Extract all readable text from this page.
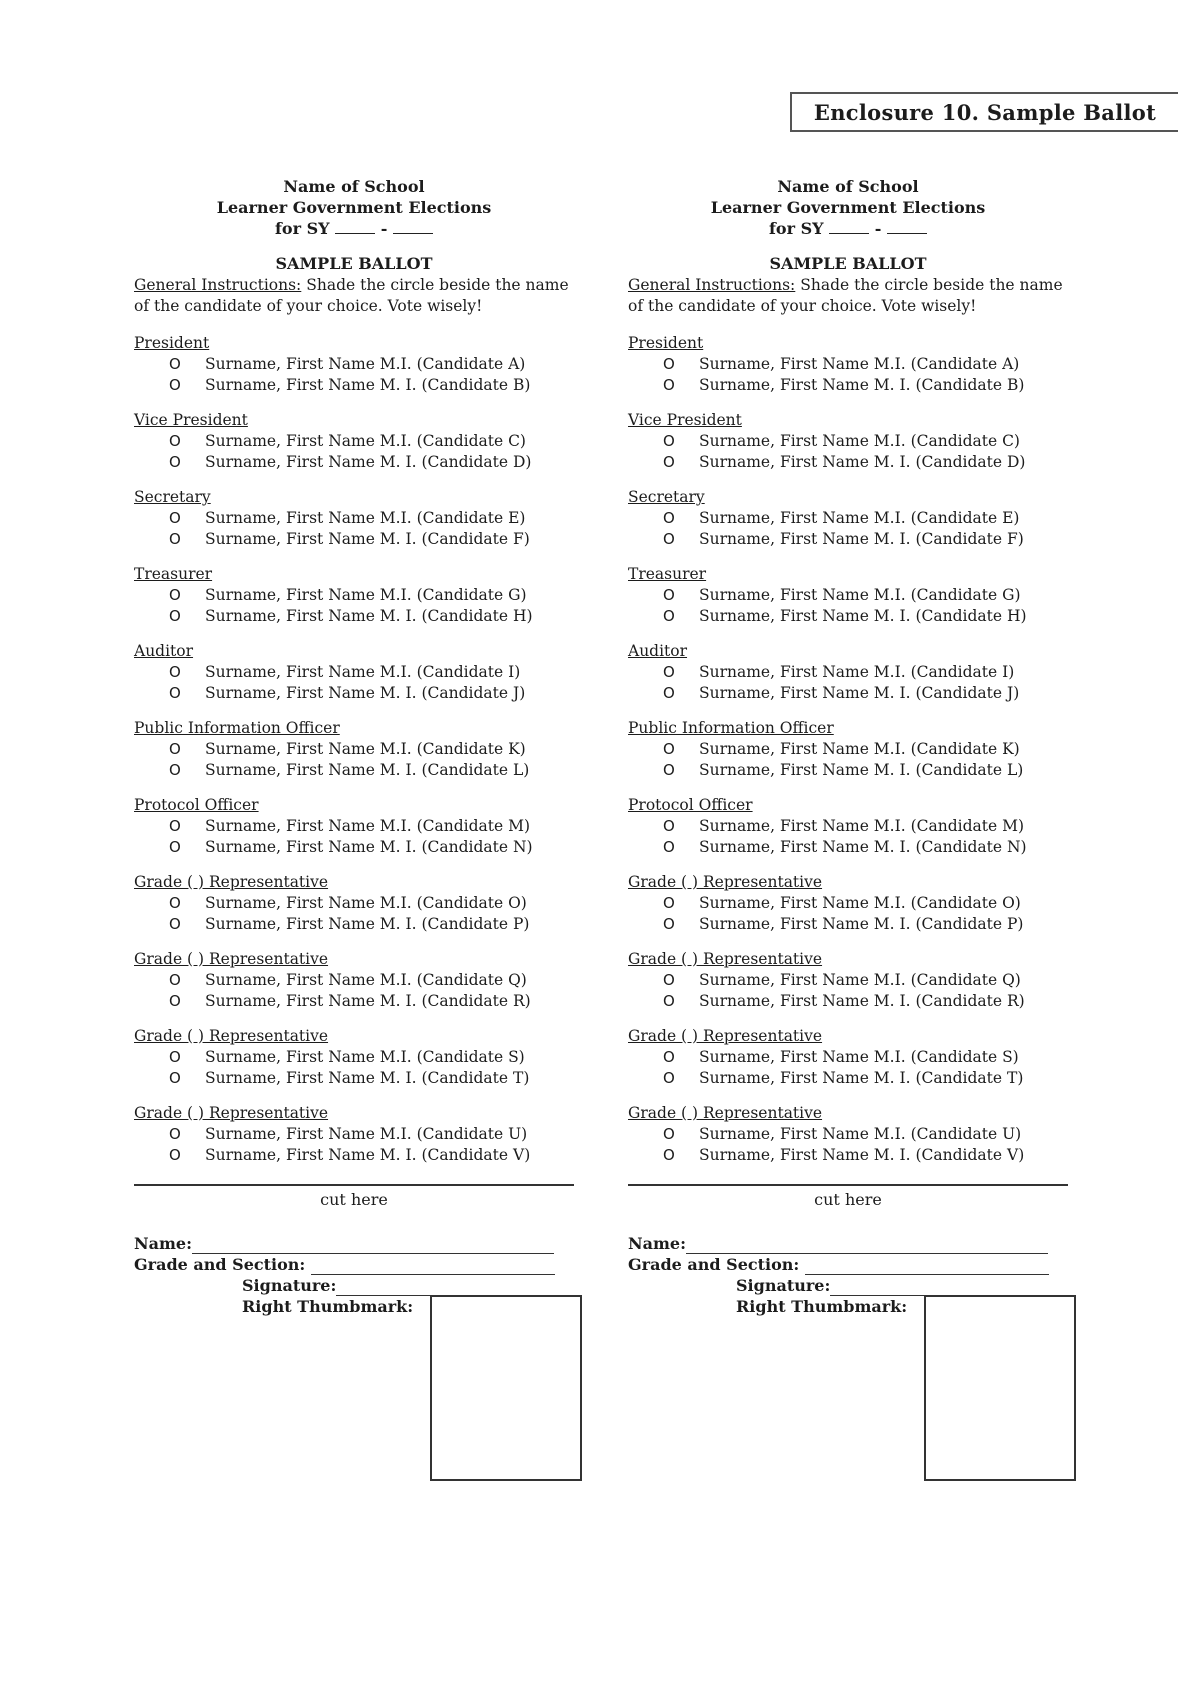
Enclosure 10. Sample Ballot
Name of School
Learner Government Elections
for SY	-
SAMPLE BALLOT
General Instructions: Shade the circle beside the name of the candidate of your choice. Vote wisely!
President
O Surname, First Name M.I. (Candidate A)
O Surname, First Name M. I. (Candidate B)
Vice President
O Surname, First Name M.I. (Candidate C)
O Surname, First Name M. I. (Candidate D)
Secretary
O Surname, First Name M.I. (Candidate E)
O Surname, First Name M. I. (Candidate F)
Treasurer
O Surname, First Name M.I. (Candidate G)
O Surname, First Name M. I. (Candidate H)
Auditor
O Surname, First Name M.I. (Candidate I)
O Surname, First Name M. I. (Candidate J)
Public Information Officer
O Surname, First Name M.I. (Candidate K)
O Surname, First Name M. I. (Candidate L)
Protocol Officer
O Surname, First Name M.I. (Candidate M)
O Surname, First Name M. I. (Candidate N)
Grade ( ) Representative
O Surname, First Name M.I. (Candidate O)
O Surname, First Name M. I. (Candidate P)
Grade ( ) Representative
O Surname, First Name M.I. (Candidate Q)
O Surname, First Name M. I. (Candidate R)
Grade ( ) Representative
O Surname, First Name M.I. (Candidate S)
O Surname, First Name M. I. (Candidate T)
Grade ( ) Representative
O Surname, First Name M.I. (Candidate U)
O Surname, First Name M. I. (Candidate V)
cut here
Name:
Grade and Section:
Signature:
Right Thumbmark:
Name of School
Learner Government Elections
for SY	-
SAMPLE BALLOT
General Instructions: Shade the circle beside the name of the candidate of your choice. Vote wisely!
President
O Surname, First Name M.I. (Candidate A)
O Surname, First Name M. I. (Candidate B)
Vice President
O Surname, First Name M.I. (Candidate C)
O Surname, First Name M. I. (Candidate D)
Secretary
O Surname, First Name M.I. (Candidate E)
O Surname, First Name M. I. (Candidate F)
Treasurer
O Surname, First Name M.I. (Candidate G)
O Surname, First Name M. I. (Candidate H)
Auditor
O Surname, First Name M.I. (Candidate I)
O Surname, First Name M. I. (Candidate J)
Public Information Officer
O Surname, First Name M.I. (Candidate K)
O Surname, First Name M. I. (Candidate L)
Protocol Officer
O Surname, First Name M.I. (Candidate M)
O Surname, First Name M. I. (Candidate N)
Grade ( ) Representative
O Surname, First Name M.I. (Candidate O)
O Surname, First Name M. I. (Candidate P)
Grade ( ) Representative
O Surname, First Name M.I. (Candidate Q)
O Surname, First Name M. I. (Candidate R)
Grade ( ) Representative
O Surname, First Name M.I. (Candidate S)
O Surname, First Name M. I. (Candidate T)
Grade ( ) Representative
O Surname, First Name M.I. (Candidate U)
O Surname, First Name M. I. (Candidate V)
cut here
Name:
Grade and Section:
Signature:
Right Thumbmark:
